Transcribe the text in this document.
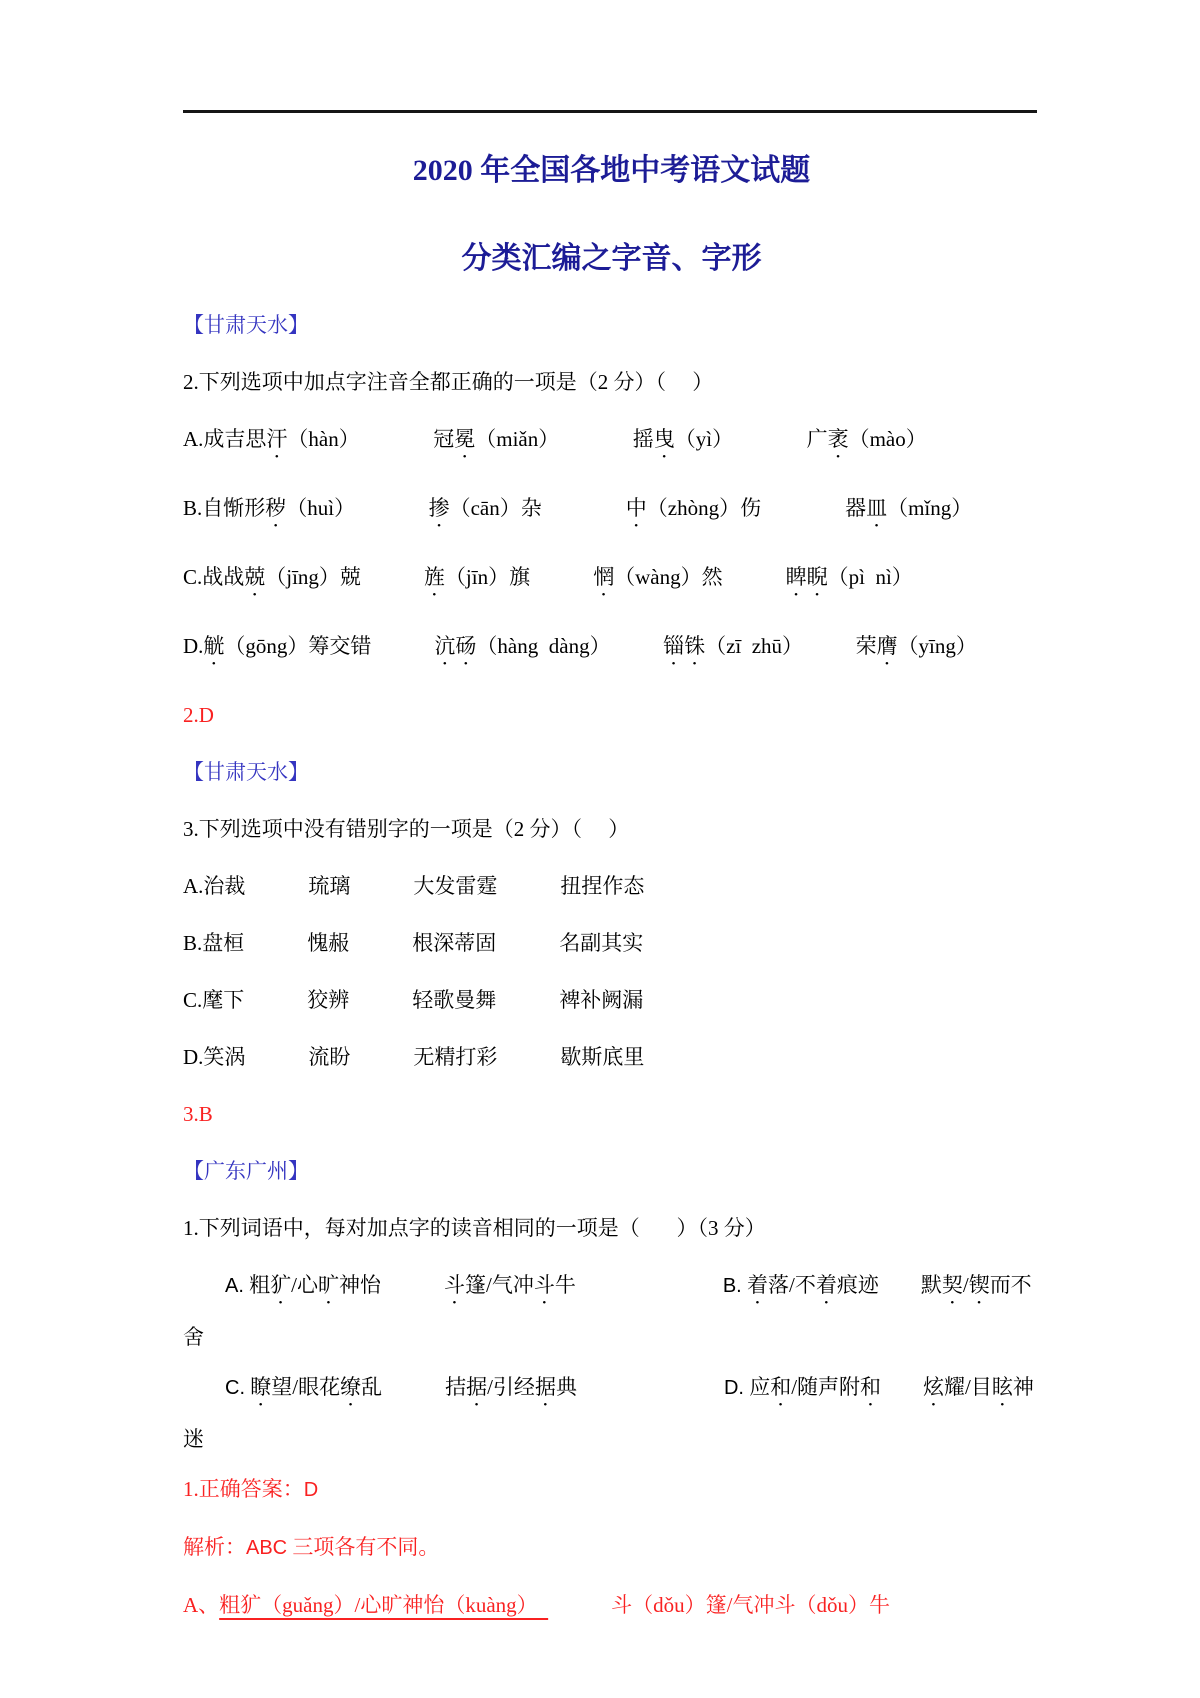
2020 年全国各地中考语文试题
分类汇编之字音、字形

【甘肃天水】

2.下列选项中加点字注音全都正确的一项是（2 分）（     ）

A.成吉思汗（hàn）　　　　	冠冕（miǎn）　　　　	摇曳（yì）　　　　	广袤（mào）

B.自惭形秽（huì）　　　　	掺（cān）杂　　　　	中（zhòng）伤　　　　	器皿（mǐng）

C.战战兢（jīng）兢　　　	旌（jīn）旗　　　	惘（wàng）然　　　	睥睨（pì  nì）

D.觥（gōng）筹交错　　　	沆砀（hàng  dàng）　　　	锱铢（zī  zhū）　　　	荣膺（yīng）

2.D

【甘肃天水】

3.下列选项中没有错别字的一项是（2 分）（     ）

A.治裁　　　琉璃　　　大发雷霆　　　扭捏作态

B.盘桓　　　愧赧　　　根深蒂固　　　名副其实

C.麾下　　　狡辨　　　轻歌曼舞　　　裨补阙漏

D.笑涡　　　流盼　　　无精打彩　　　歇斯底里

3.B

【广东广州】

1.下列词语中，每对加点字的读音相同的一项是（       ）（3 分）

　　A. 粗犷/心旷神怡　　　	斗篷/气冲斗牛　　　　　　　	B. 着落/不着痕迹　　 默契/锲而不

舍

　　C. 瞭望/眼花缭乱　　　	拮据/引经据典　　　　　　　	D. 应和/随声附和　　 炫耀/目眩神

迷

1.正确答案：D

解析：ABC 三项各有不同。

A、粗犷（guǎng）/心旷神怡（kuàng）　　　　斗（dǒu）篷/气冲斗（dǒu）牛
